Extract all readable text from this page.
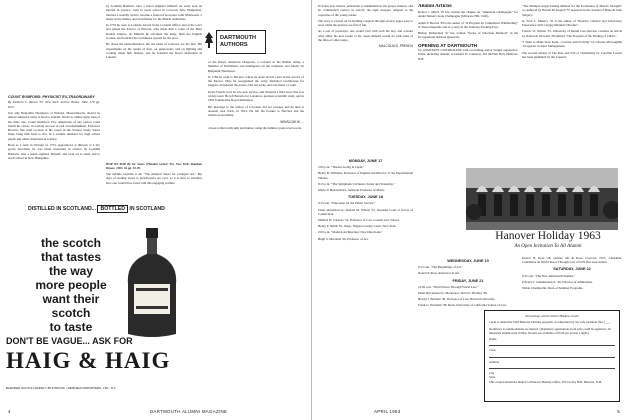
COUNT RUMFORD: PHYSICIST EX-TRAORDINARY

By Sanborn C. Brown '35. New York: Anchor Books. 1962. 178 pp. $.95.

Just why Benjamin Thompson of Woburn, Massachusetts, should be almost unknown today is hard to explain, but he is, unlike many men of his time: one, Count Rumford. Few Americans of any period could match his career, in worldly success or real accomplishment. Professor Brown's fine brief account of his career in the Science Study Series helps bring him back to life, in a volume intended for high school pupils and others interested in science.

Born as a farm in Woburn in 1753, apprenticed at thirteen to a dry goods merchant, he was made interested in science by Loammi Baldwin, later a noted engineer himself, and went on to study and to teach school in New Hampshire.

DARTMOUTH
AUTHORS

by Loammi Baldwin, later a noted engineer himself, he early took an interest in science, went to teach school in Concord, New Hampshire, married a wealthy widow, became a friend of Governor John Wentworth, a major in the militia, and an informer for the British authorities.

In 1776 he went to London, served in the Colonial Office, and at the war's end joined the Elector of Bavaria, who made him a count of the Holy Roman Empire. At Munich he reformed the army, built the English Garden, and founded the workhouse system for the poor.

He chose the name Rumford, the old name of Concord, for his title. His experiments on the nature of heat, on gunpowder, and on lighting and cooking made him famous, and he founded the Royal Institution in London.

HOP ON POP. By Dr. Seuss (Theodor Geisel '25). New York: Random House. 1963. 64 pp. $1.95.

The subtitle explains it all: "The simplest Seuss for youngest use." My days of reading aloud to preschoolers are over, so it is hard to visualize how one would have fared with this engaging volume.

of the King's American Dragoons, a Colonel in the British Army, a Member of Parliament, and intelligence on the continent, and finally Sir Benjamin Thompson.

In 1784 he went to Bavaria, where he spent eleven years in the service of the Elector. Here he reorganized the army, instituted workhouses for beggars, introduced the potato, laid out parks, and was made a Count.

In the French wars he saw new service, and invented a field stove that was widely used. He left Bavaria for London to promote scientific study, and in 1800 founded the Royal Institution.

His marriage to the widow of Lavoisier did not prosper, and he died at Auteuil, near Paris, in 1814. He left his fortune to Harvard and the American Academy.

WINSLOW W. ...

a book written with skill and humor, using the familiar grade level words.

DISTILLED IN SCOTLAND... BOTTLED IN SCOTLAND
the scotch
that tastes
the way
more people
want their scotch
to taste
DON'T BE VAGUE... ASK FOR
HAIG & HAIG
BLENDED SCOTCH WHISKY, 86.8 PROOF • RENFIELD IMPORTERS, LTD., N.Y.
4	DARTMOUTH ALUMNI MAGAZINE

In Seuss ever tireless, pedestrian or mathematical, his proper balance, and he commended variety, in exactly the right dosages, adapted to the capacities of the young reader.

The story is carried on in rhyming couplets through several pages easy to read, while the pictures are full of fun.

As a sort of postscript, one would visit with both the boy, and wonder what either the new reader or Dr. Seuss himself would do with some of the titles of other pages.

MALCOLM D. FRENCH

Alumni Articles

Robert J. Misch '25 has written the chapter on "American Champagne" for André Simon's book Champagne (McGraw-Hill, 1962).

Adam P. Morton '38 is the author of "A Program for Cumulative Withholding" in Taxes magazine and of a story in the Saturday Evening Post.

Bishop Richardson '47 has written "Series of Selection Methods" in the Occupational Outlook Quarterly.

OPENING AT DARTMOUTH

for ASSISTANT CONTROLLER with accounting and/or budget experience. Write, including résumé, to Donald W. Cameron, 201 McNutt Hall, Hanover, N.H.

"The Multiple Angle Testing Method for the Evaluation of Muscle Strength" co-authored by Harold M. Kaplan '57 appeared in the Journal of Bone & Joint Surgery.

O. Fred L. Meierry '55 is the author of "Relative Clinical and Laboratory Experience with Cetylpyridinium Chloride".

Francis W. Walton '33, University of Mount Leos Review contains an article by Robert R. Dowden '38 entitled "The Progress of the Finding of Christ."

"I Want to Make Your Point—Concise and Exciting" by Chester McLaughlin '19 appears in Sales Management.

The second edition of The Rise and Fall of Christianity by Caroline Lowell has been published by the Council.

Hanover Holiday 1963
An Open Invitation To All Alumni
MONDAY, JUNE 17

2:00 p.m. "Theater-Going in Japan."

Henry B. Williams, Professor of English and Director of the Experimental Theater.

8:15 p.m. "The Symphonic Orchestra Today and Yesterday."

Mario di Bonaventura, Assistant Professor of Music.

TUESDAY, JUNE 18

9:15 a.m. "Education for the Public Service."

Panel discussion by: Donald M. Wilson '25, Supreme Court of Errors of Connecticut.

Mildred H. Cardozo '32, Professor of Law, Cornell Law School.

Henry P. Smith '35, Judge, Niagara County Court, New York.

2:00 p.m. "Modern Architecture: New Directions."

Hugh S. Morrison '26, Professor of Art.

WEDNESDAY, JUNE 19

9:15 a.m. "The Beginnings of Art."

Robert P. Rose, Instructor in Art.

FRIDAY, JUNE 21

10:00 a.m. "World Peace Through World Law."

Panel Discussion by: Moderator: David J. Bradley '38.

Harold J. Berman '38, Professor of Law, Harvard University.

Frank G. Newman '38, Dean, University of California School of Law.

Robert H. Ross '28, partner, Ott & Ross, Concord, N.H.; Chairman, Committee on World Peace Through Law of N.H. Bar Association.

SATURDAY, JUNE 22

9:15 a.m. "The New Dartmouth Student."

Edward T. Chamberlain Jr. '36, Director of Admissions.

Waldo Chamberlin, Dean of Summer Programs.

All meetings will be held in Hopkins Center
I plan to attend the 1963 Hanover Holiday program, accompanied by my wife (Address (No.) ___ .
Dormitory accommodations are desired: (Dormitory applications from wife could be applied to all interested alumni early in May. Rooms are available at $3.50 per person a night.)
Name
Class
Address
City
State
This coupon should be mailed to Hanover Holiday Office, 203 Crosby Hall, Hanover, N.H.
APRIL 1963	5
